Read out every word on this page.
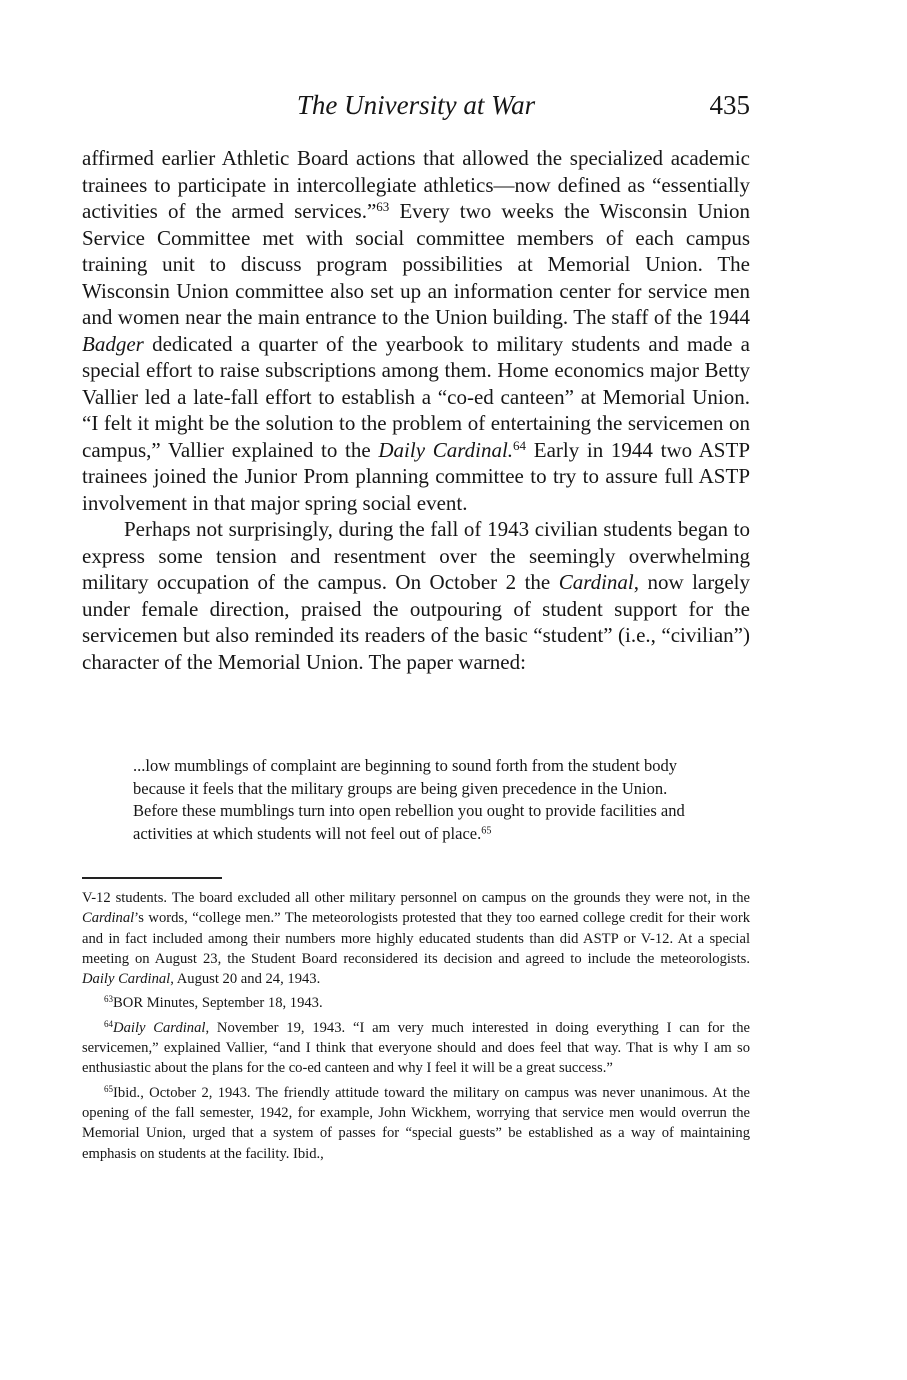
The University at War	435

affirmed earlier Athletic Board actions that allowed the specialized academic trainees to participate in intercollegiate athletics—now defined as “essentially activities of the armed services.”$^{63}$ Every two weeks the Wisconsin Union Service Committee met with social committee members of each campus training unit to discuss program possibilities at Memorial Union. The Wisconsin Union committee also set up an information center for service men and women near the main entrance to the Union building. The staff of the 1944 Badger dedicated a quarter of the yearbook to military students and made a special effort to raise subscriptions among them. Home economics major Betty Vallier led a late-fall effort to establish a “co-ed canteen” at Memorial Union. “I felt it might be the solution to the problem of entertaining the servicemen on campus,” Vallier explained to the Daily Cardinal.$^{64}$ Early in 1944 two ASTP trainees joined the Junior Prom planning committee to try to assure full ASTP involvement in that major spring social event.

Perhaps not surprisingly, during the fall of 1943 civilian students began to express some tension and resentment over the seemingly overwhelming military occupation of the campus. On October 2 the Cardinal, now largely under female direction, praised the outpouring of student support for the servicemen but also reminded its readers of the basic “student” (i.e., “civilian”) character of the Memorial Union. The paper warned:

...low mumblings of complaint are beginning to sound forth from the student body because it feels that the military groups are being given precedence in the Union. Before these mumblings turn into open rebellion you ought to provide facilities and activities at which students will not feel out of place.$^{65}$

V-12 students. The board excluded all other military personnel on campus on the grounds they were not, in the Cardinal’s words, “college men.” The meteorologists protested that they too earned college credit for their work and in fact included among their numbers more highly educated students than did ASTP or V-12. At a special meeting on August 23, the Student Board reconsidered its decision and agreed to include the meteorologists. Daily Cardinal, August 20 and 24, 1943.

$^{63}$BOR Minutes, September 18, 1943.

$^{64}$Daily Cardinal, November 19, 1943. “I am very much interested in doing everything I can for the servicemen,” explained Vallier, “and I think that everyone should and does feel that way. That is why I am so enthusiastic about the plans for the co-ed canteen and why I feel it will be a great success.”

$^{65}$Ibid., October 2, 1943. The friendly attitude toward the military on campus was never unanimous. At the opening of the fall semester, 1942, for example, John Wickhem, worrying that service men would overrun the Memorial Union, urged that a system of passes for “special guests” be established as a way of maintaining emphasis on students at the facility. Ibid.,
